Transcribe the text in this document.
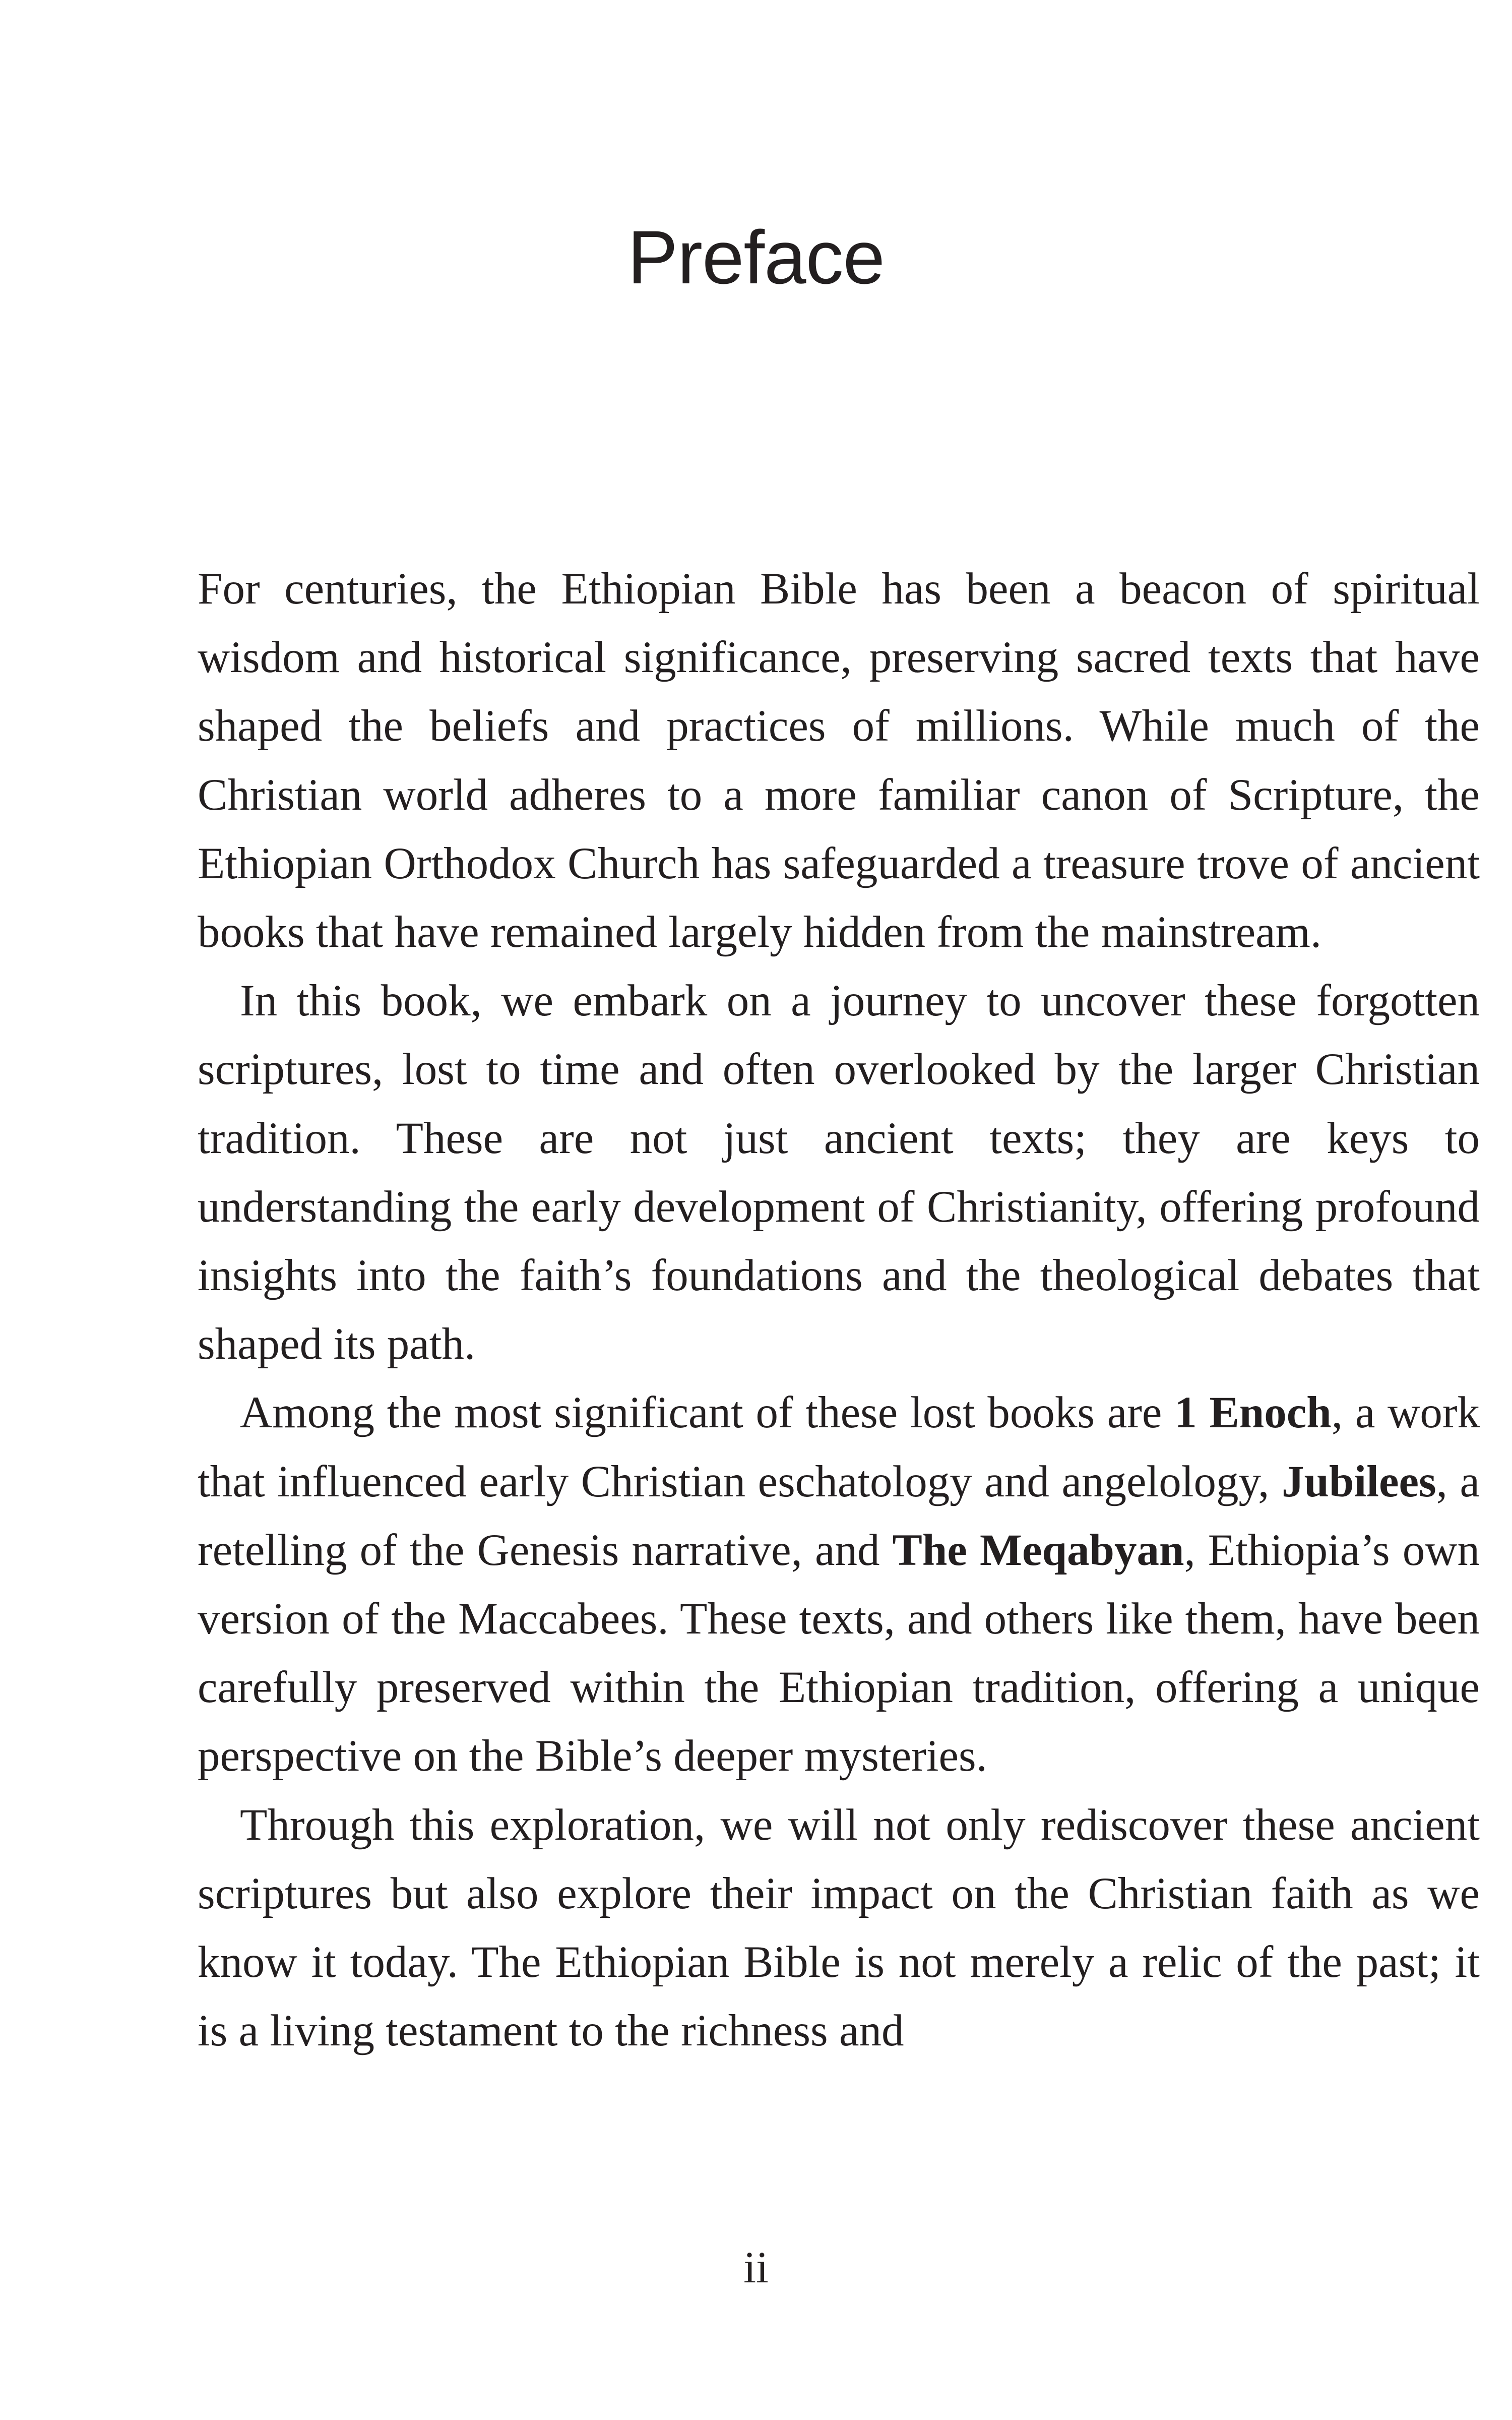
Preface

For centuries, the Ethiopian Bible has been a beacon of spiritual wisdom and historical significance, preserving sacred texts that have shaped the beliefs and practices of millions. While much of the Christian world adheres to a more familiar canon of Scripture, the Ethiopian Orthodox Church has safeguarded a treasure trove of ancient books that have remained largely hidden from the mainstream.

In this book, we embark on a journey to uncover these forgotten scriptures, lost to time and often overlooked by the larger Christian tradition. These are not just ancient texts; they are keys to understanding the early development of Christianity, offering profound insights into the faith’s foundations and the theological debates that shaped its path.

Among the most significant of these lost books are 1 Enoch, a work that influenced early Christian eschatology and angelology, Jubilees, a retelling of the Genesis narrative, and The Meqabyan, Ethiopia’s own version of the Maccabees. These texts, and others like them, have been carefully preserved within the Ethiopian tradition, offering a unique perspective on the Bible’s deeper mysteries.

Through this exploration, we will not only rediscover these ancient scriptures but also explore their impact on the Christian faith as we know it today. The Ethiopian Bible is not merely a relic of the past; it is a living testament to the richness and

ii
